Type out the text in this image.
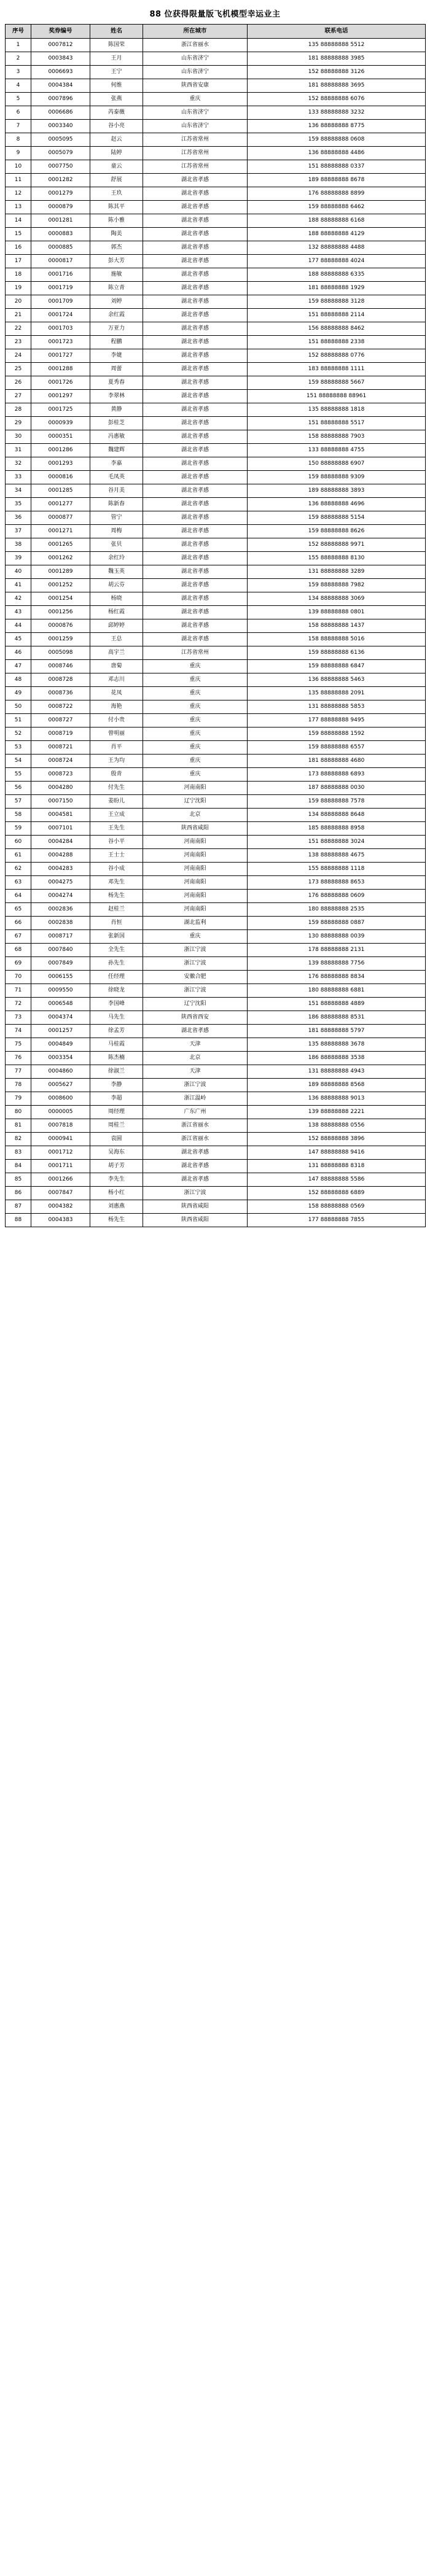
88 位获得限量版飞机模型幸运业主
序号	奖券编号	姓名	所在城市	联系电话
1	0007812	陈国荣	浙江省丽水	135 88888888 5512
2	0003843	王月	山东省济宁	181 88888888 3985
3	0006693	王宁	山东省济宁	152 88888888 3126
4	0004384	何维	陕西省安康	181 88888888 3695
5	0007896	张燕	重庆	152 88888888 6076
6	0006686	芮泰薇	山东省济宁	133 88888888 3232
7	0003340	谷小亮	山东省济宁	136 88888888 8775
8	0005095	赵云	江苏省常州	159 88888888 0608
9	0005079	陆婷	江苏省常州	136 88888888 4486
10	0007750	童云	江苏省常州	151 88888888 0337
11	0001282	舒展	湖北省孝感	189 88888888 8678
12	0001279	王玖	湖北省孝感	176 88888888 8899
13	0000879	陈其平	湖北省孝感	159 88888888 6462
14	0001281	陈小雅	湖北省孝感	188 88888888 6168
15	0000883	陶美	湖北省孝感	188 88888888 4129
16	0000885	郭杰	湖北省孝感	132 88888888 4488
17	0000817	彭大芳	湖北省孝感	177 88888888 4024
18	0001716	施敏	湖北省孝感	188 88888888 6335
19	0001719	陈立青	湖北省孝感	181 88888888 1929
20	0001709	刘婷	湖北省孝感	159 88888888 3128
21	0001724	余红霞	湖北省孝感	151 88888888 2114
22	0001703	万亚力	湖北省孝感	156 88888888 8462
23	0001723	程鹏	湖北省孝感	151 88888888 2338
24	0001727	李婕	湖北省孝感	152 88888888 0776
25	0001288	周蕾	湖北省孝感	183 88888888 1111
26	0001726	夏秀春	湖北省孝感	159 88888888 5667
27	0001297	李翠林	湖北省孝感	151 88888888 88961
28	0001725	黄静	湖北省孝感	135 88888888 1818
29	0000939	彭桂芝	湖北省孝感	151 88888888 5517
30	0000351	冯惠敏	湖北省孝感	158 88888888 7903
31	0001286	魏建辉	湖北省孝感	133 88888888 4755
32	0001293	李嘉	湖北省孝感	150 88888888 6907
33	0000816	毛凤英	湖北省孝感	159 88888888 9309
34	0001285	谷月美	湖北省孝感	189 88888888 3893
35	0001277	陈新春	湖北省孝感	136 88888888 4696
36	0000877	管宁	湖北省孝感	159 88888888 5154
37	0001271	周梅	湖北省孝感	159 88888888 8626
38	0001265	张贝	湖北省孝感	152 88888888 9971
39	0001262	余红玲	湖北省孝感	155 88888888 8130
40	0001289	魏玉英	湖北省孝感	131 88888888 3289
41	0001252	胡云芬	湖北省孝感	159 88888888 7982
42	0001254	杨晓	湖北省孝感	134 88888888 3069
43	0001256	杨红霞	湖北省孝感	139 88888888 0801
44	0000876	邱婷婷	湖北省孝感	158 88888888 1437
45	0001259	王总	湖北省孝感	158 88888888 5016
46	0005098	高宇兰	江苏省常州	159 88888888 6136
47	0008746	唐菊	重庆	159 88888888 6847
48	0008728	邓志川	重庆	136 88888888 5463
49	0008736	花凤	重庆	135 88888888 2091
50	0008722	海艳	重庆	131 88888888 5853
51	0008727	付小贵	重庆	177 88888888 9495
52	0008719	曾明丽	重庆	159 88888888 1592
53	0008721	肖平	重庆	159 88888888 6557
54	0008724	王为均	重庆	181 88888888 4680
55	0008723	殷青	重庆	173 88888888 6893
56	0004280	付先生	河南南阳	187 88888888 0030
57	0007150	姜盼儿	辽宁沈阳	159 88888888 7578
58	0004581	王立成	北京	134 88888888 8648
59	0007101	王先生	陕西省咸阳	185 88888888 8958
60	0004284	谷小平	河南南阳	151 88888888 3024
61	0004288	王士士	河南南阳	138 88888888 4675
62	0004283	谷小成	河南南阳	155 88888888 1118
63	0004275	邓先生	河南南阳	173 88888888 8653
64	0004274	杨先生	河南南阳	176 88888888 0609
65	0002836	赵桂兰	河南南阳	180 88888888 2535
66	0002838	肖恒	湖北监利	159 88888888 0887
67	0008717	张新国	重庆	130 88888888 0039
68	0007840	全先生	浙江宁波	178 88888888 2131
69	0007849	孙先生	浙江宁波	139 88888888 7756
70	0006155	任经理	安徽合肥	176 88888888 8834
71	0009550	徐晓龙	浙江宁波	180 88888888 6881
72	0006548	李国峰	辽宁沈阳	151 88888888 4889
73	0004374	马先生	陕西省西安	186 88888888 8531
74	0001257	徐孟芳	湖北省孝感	181 88888888 5797
75	0004849	马桂霞	天津	135 88888888 3678
76	0003354	陈杰楠	北京	186 88888888 3538
77	0004860	徐淑兰	天津	131 88888888 4943
78	0005627	李静	浙江宁波	189 88888888 8568
79	0008600	李超	浙江温岭	136 88888888 9013
80	0000005	周经理	广东广州	139 88888888 2221
81	0007818	周桂兰	浙江省丽水	138 88888888 0556
82	0000941	袁圆	浙江省丽水	152 88888888 3896
83	0001712	吴海东	湖北省孝感	147 88888888 9416
84	0001711	胡子芳	湖北省孝感	131 88888888 8318
85	0001266	李先生	湖北省孝感	147 88888888 5586
86	0007847	杨小红	浙江宁波	152 88888888 6889
87	0004382	刘惠燕	陕西省咸阳	158 88888888 0569
88	0004383	杨先生	陕西省咸阳	177 88888888 7855
